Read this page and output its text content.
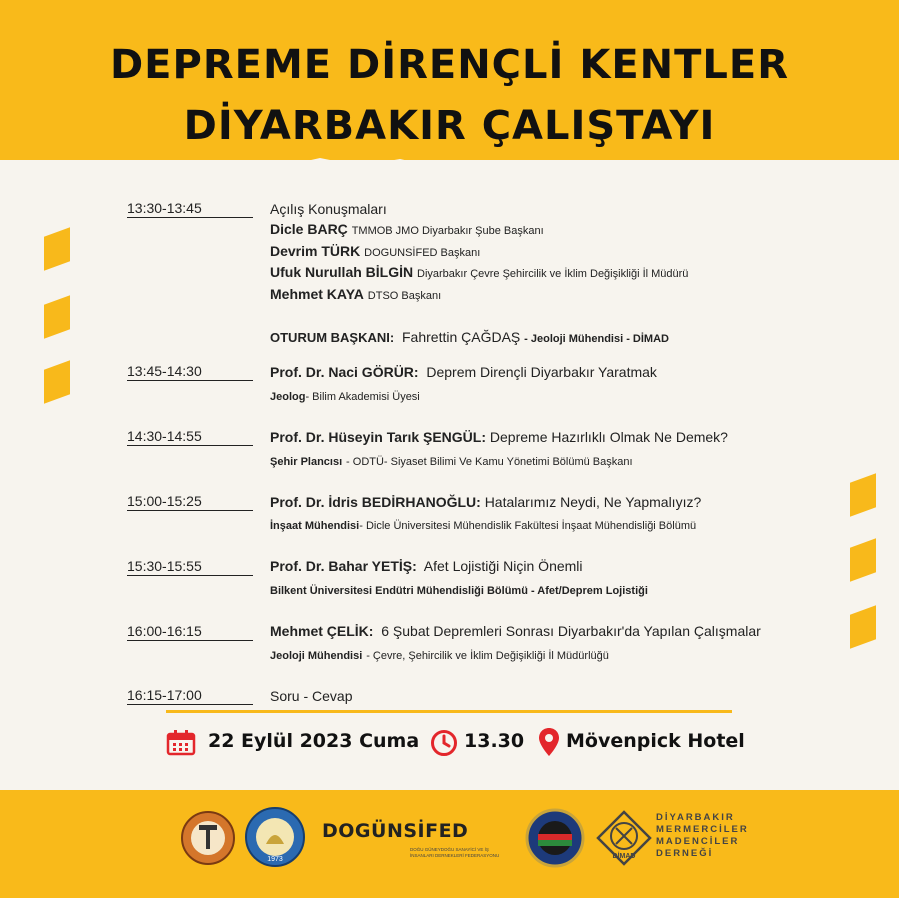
DEPREME DİRENÇLİ KENTLER
DİYARBAKIR ÇALIŞTAYI
13:30-13:45	Açılış Konuşmaları
Dicle BARÇ TMMOB JMO Diyarbakır Şube Başkanı
Devrim TÜRK DOGUNSİFED Başkanı
Ufuk Nurullah BİLGİN Diyarbakır Çevre Şehircilik ve İklim Değişikliği İl Müdürü
Mehmet KAYA DTSO Başkanı
OTURUM BAŞKANI: Fahrettin ÇAĞDAŞ - Jeoloji Mühendisi - DİMAD
13:45-14:30	Prof. Dr. Naci GÖRÜR: Deprem Dirençli Diyarbakır Yaratmak
Jeolog- Bilim Akademisi Üyesi
14:30-14:55	Prof. Dr. Hüseyin Tarık ŞENGÜL: Depreme Hazırlıklı Olmak Ne Demek?
Şehir Plancısı - ODTÜ- Siyaset Bilimi Ve Kamu Yönetimi Bölümü Başkanı
15:00-15:25	Prof. Dr. İdris BEDİRHANOĞLU: Hatalarımız Neydi, Ne Yapmalıyız?
İnşaat Mühendisi- Dicle Üniversitesi Mühendislik Fakültesi İnşaat Mühendisliği Bölümü
15:30-15:55	Prof. Dr. Bahar YETİŞ: Afet Lojistiği Niçin Önemli
Bilkent Üniversitesi Endütri Mühendisliği Bölümü - Afet/Deprem Lojistiği
16:00-16:15	Mehmet ÇELİK: 6 Şubat Depremleri Sonrası Diyarbakır'da Yapılan Çalışmalar
Jeoloji Mühendisi - Çevre, Şehircilik ve İklim Değişikliği İl Müdürlüğü
16:15-17:00	Soru - Cevap
22 Eylül 2023 Cuma 13.30 Mövenpick Hotel
1973
DOGÜNSİFED
DOĞU GÜNEYDOĞU SANAYİCİ VE İŞ İNSANLARI DERNEKLERİ FEDERASYONU	DİMAD
DİYARBAKIR
MERMERCİLER
MADENCİLER
DERNEĞİ
